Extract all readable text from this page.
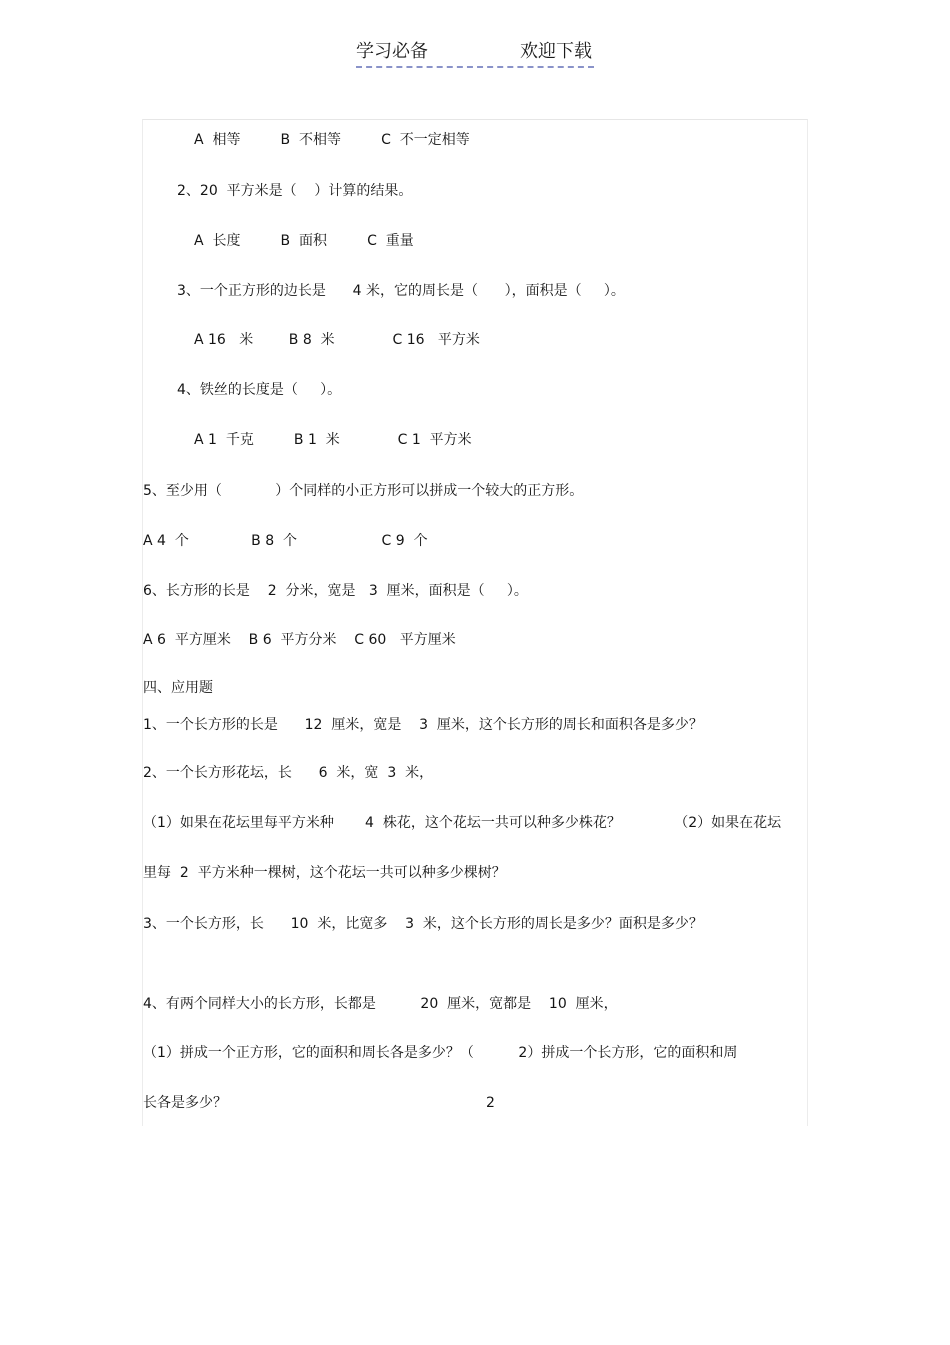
学习必备	欢迎下载
A  相等         B  不相等         C  不一定相等
2、20  平方米是（    ）计算的结果。
A  长度         B  面积         C  重量
3、一个正方形的边长是      4 米，它的周长是（      ），面积是（     ）。
A 16   米        B 8  米             C 16   平方米
4、铁丝的长度是（     ）。
A 1  千克         B 1  米             C 1  平方米
5、至少用（            ）个同样的小正方形可以拼成一个较大的正方形。
A 4  个              B 8  个                   C 9  个
6、长方形的长是    2  分米，宽是   3  厘米，面积是（     ）。
A 6  平方厘米    B 6  平方分米    C 60   平方厘米
四、应用题
1、一个长方形的长是      12  厘米，宽是    3  厘米，这个长方形的周长和面积各是多少？
2、一个长方形花坛，长      6  米，宽  3  米，
（1）如果在花坛里每平方米种       4  株花，这个花坛一共可以种多少株花？            （2）如果在花坛
里每  2  平方米种一棵树，这个花坛一共可以种多少棵树？
3、一个长方形，长      10  米，比宽多    3  米，这个长方形的周长是多少？面积是多少？
4、有两个同样大小的长方形，长都是          20  厘米，宽都是    10  厘米，
（1）拼成一个正方形，它的面积和周长各是多少？（          2）拼成一个长方形，它的面积和周
长各是多少？	2
